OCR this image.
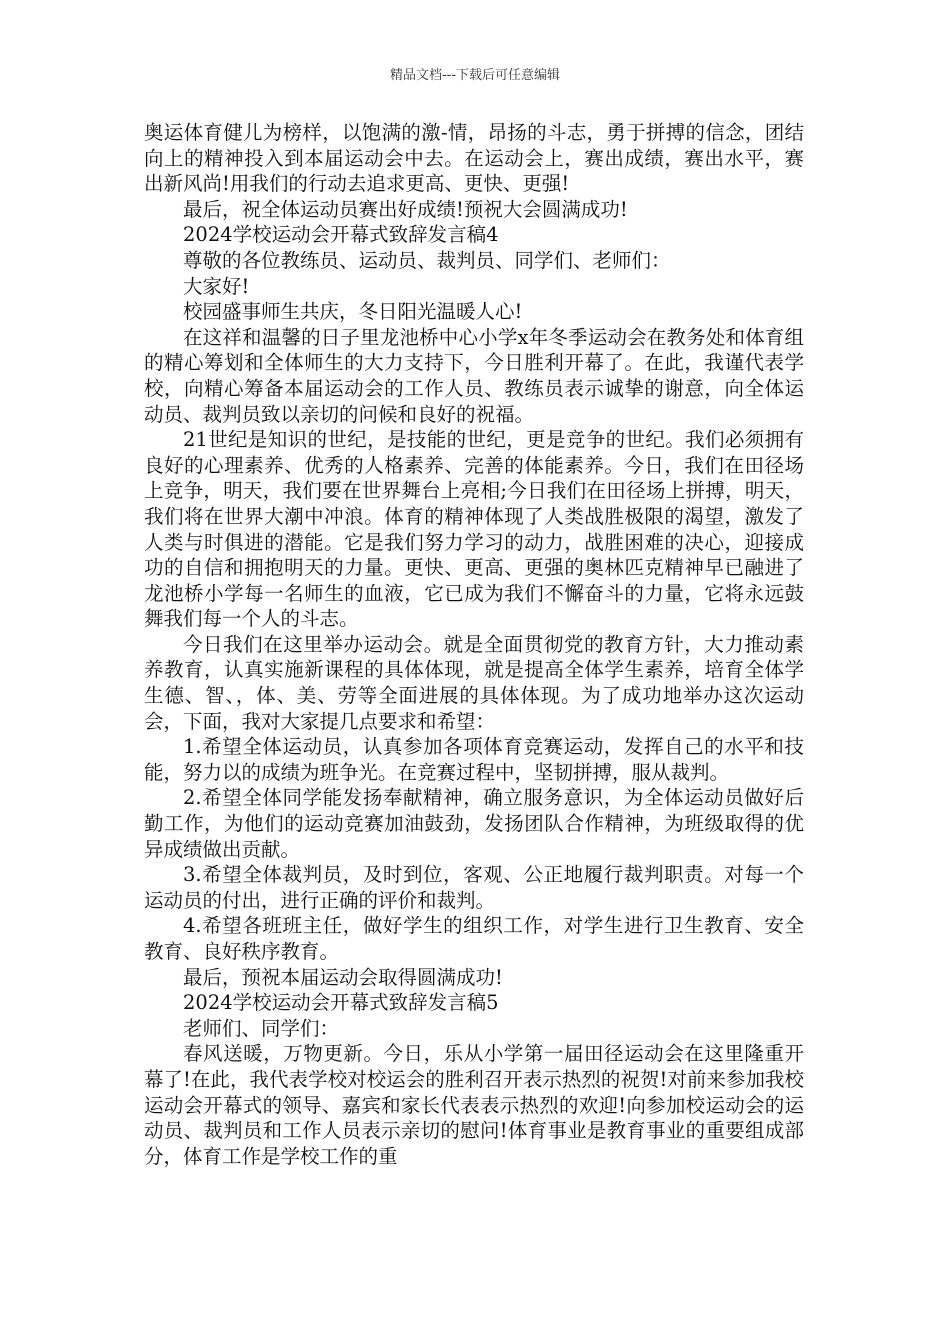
精品文档---下载后可任意编辑

奥运体育健儿为榜样，以饱满的激-情，昂扬的斗志，勇于拼搏的信念，团结向上的精神投入到本届运动会中去。在运动会上，赛出成绩，赛出水平，赛出新风尚!用我们的行动去追求更高、更快、更强!

最后，祝全体运动员赛出好成绩!预祝大会圆满成功!

2024学校运动会开幕式致辞发言稿4

尊敬的各位教练员、运动员、裁判员、同学们、老师们：

大家好!

校园盛事师生共庆，冬日阳光温暖人心!

在这祥和温馨的日子里龙池桥中心小学x年冬季运动会在教务处和体育组的精心筹划和全体师生的大力支持下，今日胜利开幕了。在此，我谨代表学校，向精心筹备本届运动会的工作人员、教练员表示诚挚的谢意，向全体运动员、裁判员致以亲切的问候和良好的祝福。

21世纪是知识的世纪，是技能的世纪，更是竞争的世纪。我们必须拥有良好的心理素养、优秀的人格素养、完善的体能素养。今日，我们在田径场上竞争，明天，我们要在世界舞台上亮相;今日我们在田径场上拼搏，明天，我们将在世界大潮中冲浪。体育的精神体现了人类战胜极限的渴望，激发了人类与时俱进的潜能。它是我们努力学习的动力，战胜困难的决心，迎接成功的自信和拥抱明天的力量。更快、更高、更强的奥林匹克精神早已融进了龙池桥小学每一名师生的血液，它已成为我们不懈奋斗的力量，它将永远鼓舞我们每一个人的斗志。

今日我们在这里举办运动会。就是全面贯彻党的教育方针，大力推动素养教育，认真实施新课程的具体体现，就是提高全体学生素养，培育全体学生德、智、，体、美、劳等全面进展的具体体现。为了成功地举办这次运动会，下面，我对大家提几点要求和希望：

1.希望全体运动员，认真参加各项体育竞赛运动，发挥自己的水平和技能，努力以的成绩为班争光。在竞赛过程中，坚韧拼搏，服从裁判。

2.希望全体同学能发扬奉献精神，确立服务意识，为全体运动员做好后勤工作，为他们的运动竞赛加油鼓劲，发扬团队合作精神，为班级取得的优异成绩做出贡献。

3.希望全体裁判员，及时到位，客观、公正地履行裁判职责。对每一个运动员的付出，进行正确的评价和裁判。

4.希望各班班主任，做好学生的组织工作，对学生进行卫生教育、安全教育、良好秩序教育。

最后，预祝本届运动会取得圆满成功!

2024学校运动会开幕式致辞发言稿5

老师们、同学们：

春风送暖，万物更新。今日，乐从小学第一届田径运动会在这里隆重开幕了!在此，我代表学校对校运会的胜利召开表示热烈的祝贺!对前来参加我校运动会开幕式的领导、嘉宾和家长代表表示热烈的欢迎!向参加校运动会的运动员、裁判员和工作人员表示亲切的慰问!体育事业是教育事业的重要组成部分，体育工作是学校工作的重
